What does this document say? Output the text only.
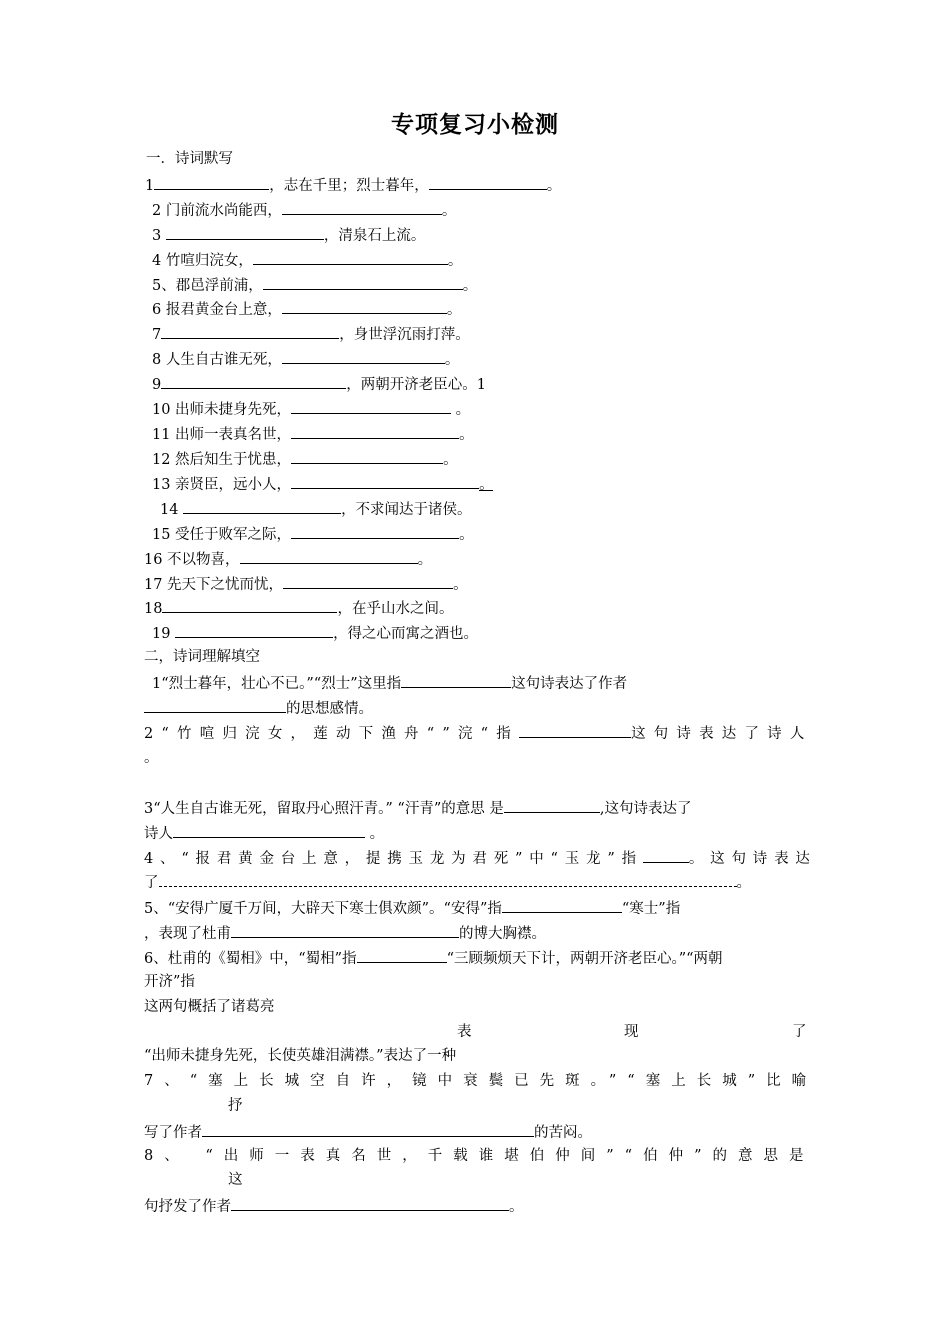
专项复习小检测
一．诗词默写
1	，志在千里；烈士暮年，	。
2 门前流水尚能西，	。
3	，清泉石上流。
4 竹喧归浣女，	。
5、郡邑浮前浦，	。
6 报君黄金台上意，	。
7	，身世浮沉雨打萍。
8 人生自古谁无死，	。
9	，两朝开济老臣心。1
10 出师未捷身先死，	。
11 出师一表真名世，	。
12 然后知生于忧患，	。
13 亲贤臣，远小人，	。
14	，不求闻达于诸侯。
15 受任于败军之际，	。
16 不以物喜，	。
17 先天下之忧而忧，	。
18	，在乎山水之间。
19	，得之心而寓之酒也。
二，诗词理解填空
1“烈士暮年，壮心不已。”“烈士”这里指	这句诗表达了作者
的思想感情。
2“竹喧归浣女，莲动下渔舟“”浣“指	这句诗表达了诗人
。
3“人生自古谁无死，留取丹心照汗青。” “汗青”的意思 是	,这句诗表达了
诗人	。
4、“报君黄金台上意，提携玉龙为君死”中“玉龙”指	。这句诗表达
了	。
5、“安得广厦千万间，大辟天下寒士俱欢颜”。“安得”指	“寒士”指
，表现了杜甫	的博大胸襟。
6、杜甫的《蜀相》中，“蜀相”指	“三顾频烦天下计，两朝开济老臣心。”“两朝
开济”指
这两句概括了诸葛亮
表	现	了
“出师未捷身先死，长使英雄泪满襟。”表达了一种
7、“塞上长城空自许，镜中衰鬓已先斑。”“塞上长城”比喻
抒
写了作者	的苦闷。
8、 “出师一表真名世，千载谁堪伯仲间”“伯仲”的意思是
这
句抒发了作者	。
